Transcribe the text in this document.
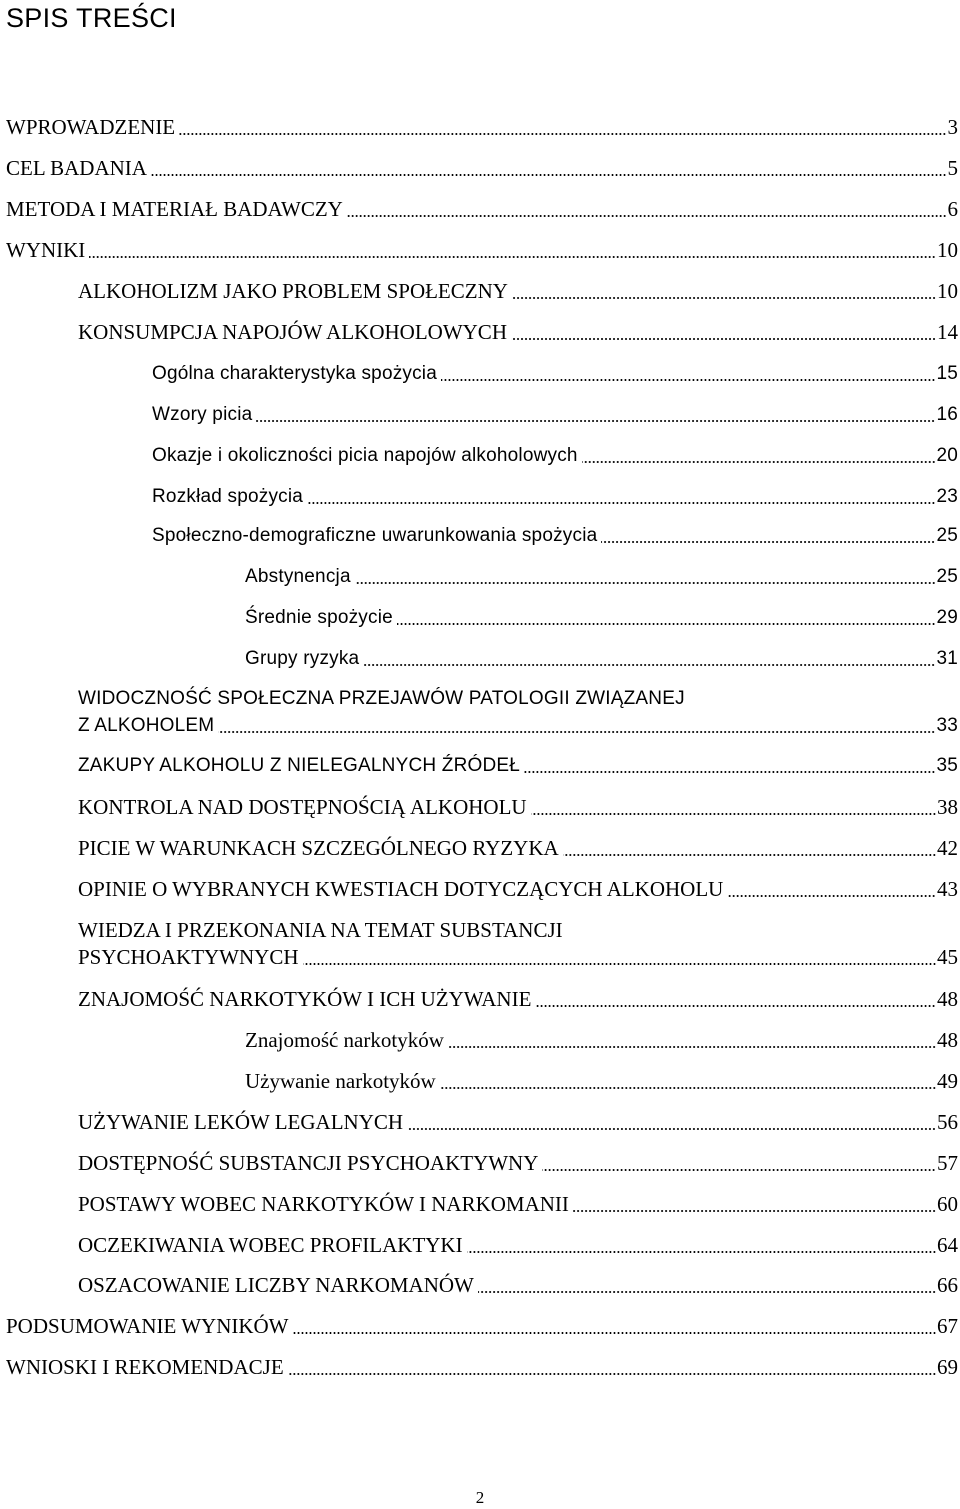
SPIS TREŚCI
WPROWADZENIE	3
CEL BADANIA	5
METODA I MATERIAŁ BADAWCZY	6
WYNIKI	10
ALKOHOLIZM JAKO PROBLEM SPOŁECZNY	10
KONSUMPCJA NAPOJÓW ALKOHOLOWYCH	14
Ogólna charakterystyka spożycia	15
Wzory picia	16
Okazje i okoliczności picia napojów alkoholowych	20
Rozkład spożycia	23
Społeczno-demograficzne uwarunkowania spożycia	25
Abstynencja	25
Średnie spożycie	29
Grupy ryzyka	31
WIDOCZNOŚĆ SPOŁECZNA PRZEJAWÓW PATOLOGII ZWIĄZANEJ
Z ALKOHOLEM	33
ZAKUPY ALKOHOLU Z NIELEGALNYCH ŹRÓDEŁ	35
KONTROLA NAD DOSTĘPNOŚCIĄ ALKOHOLU	38
PICIE W WARUNKACH SZCZEGÓLNEGO RYZYKA	42
OPINIE O WYBRANYCH KWESTIACH DOTYCZĄCYCH ALKOHOLU	43
WIEDZA I PRZEKONANIA NA TEMAT SUBSTANCJI
PSYCHOAKTYWNYCH	45
ZNAJOMOŚĆ NARKOTYKÓW I ICH UŻYWANIE	48
Znajomość narkotyków	48
Używanie narkotyków	49
UŻYWANIE LEKÓW LEGALNYCH	56
DOSTĘPNOŚĆ SUBSTANCJI PSYCHOAKTYWNY	57
POSTAWY WOBEC NARKOTYKÓW I NARKOMANII	60
OCZEKIWANIA WOBEC PROFILAKTYKI	64
OSZACOWANIE LICZBY NARKOMANÓW	66
PODSUMOWANIE WYNIKÓW	67
WNIOSKI I REKOMENDACJE	69
2
